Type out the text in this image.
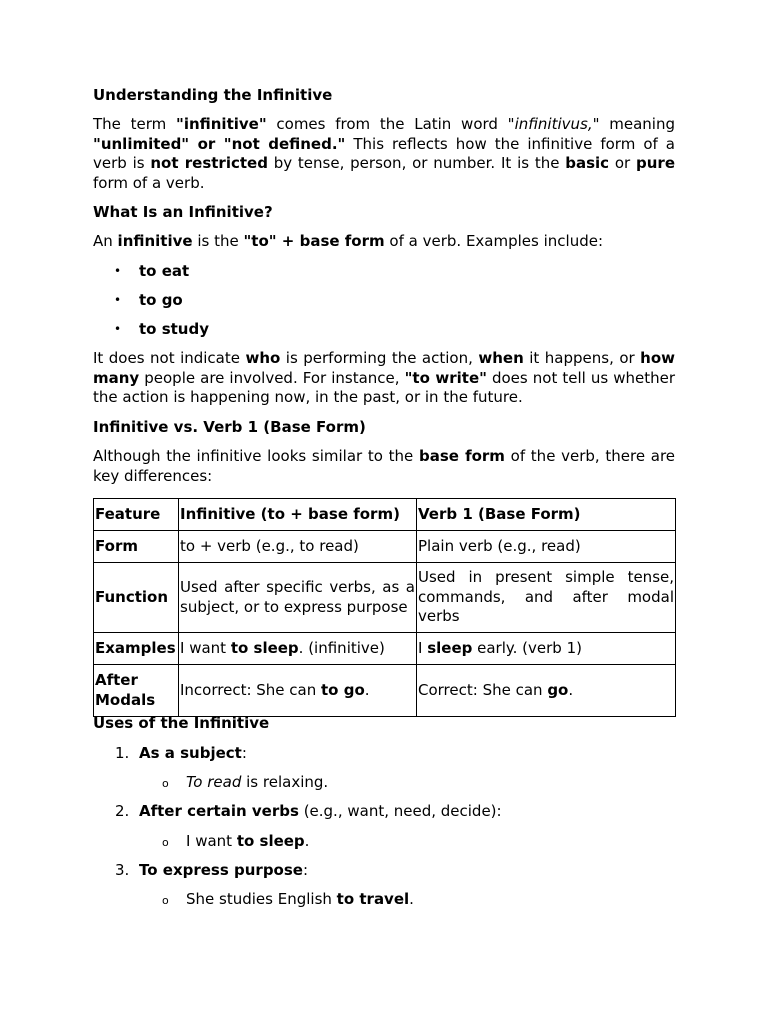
Understanding the Infinitive

The term "infinitive" comes from the Latin word "infinitivus," meaning "unlimited" or "not defined." This reflects how the infinitive form of a verb is not restricted by tense, person, or number. It is the basic or pure form of a verb.

What Is an Infinitive?

An infinitive is the "to" + base form of a verb. Examples include:

• to eat
• to go
• to study

It does not indicate who is performing the action, when it happens, or how many people are involved. For instance, "to write" does not tell us whether the action is happening now, in the past, or in the future.

Infinitive vs. Verb 1 (Base Form)

Although the infinitive looks similar to the base form of the verb, there are key differences:

Feature	Infinitive (to + base form)	Verb 1 (Base Form)
Form	to + verb (e.g., to read)	Plain verb (e.g., read)
Function	Used after specific verbs, as a subject, or to express purpose	Used in present simple tense, commands, and after modal verbs
Examples	I want to sleep. (infinitive)	I sleep early. (verb 1)
After Modals	Incorrect: She can to go.	Correct: She can go.

Uses of the Infinitive

1. As a subject:
o To read is relaxing.
2. After certain verbs (e.g., want, need, decide):
o I want to sleep.
3. To express purpose:
o She studies English to travel.
